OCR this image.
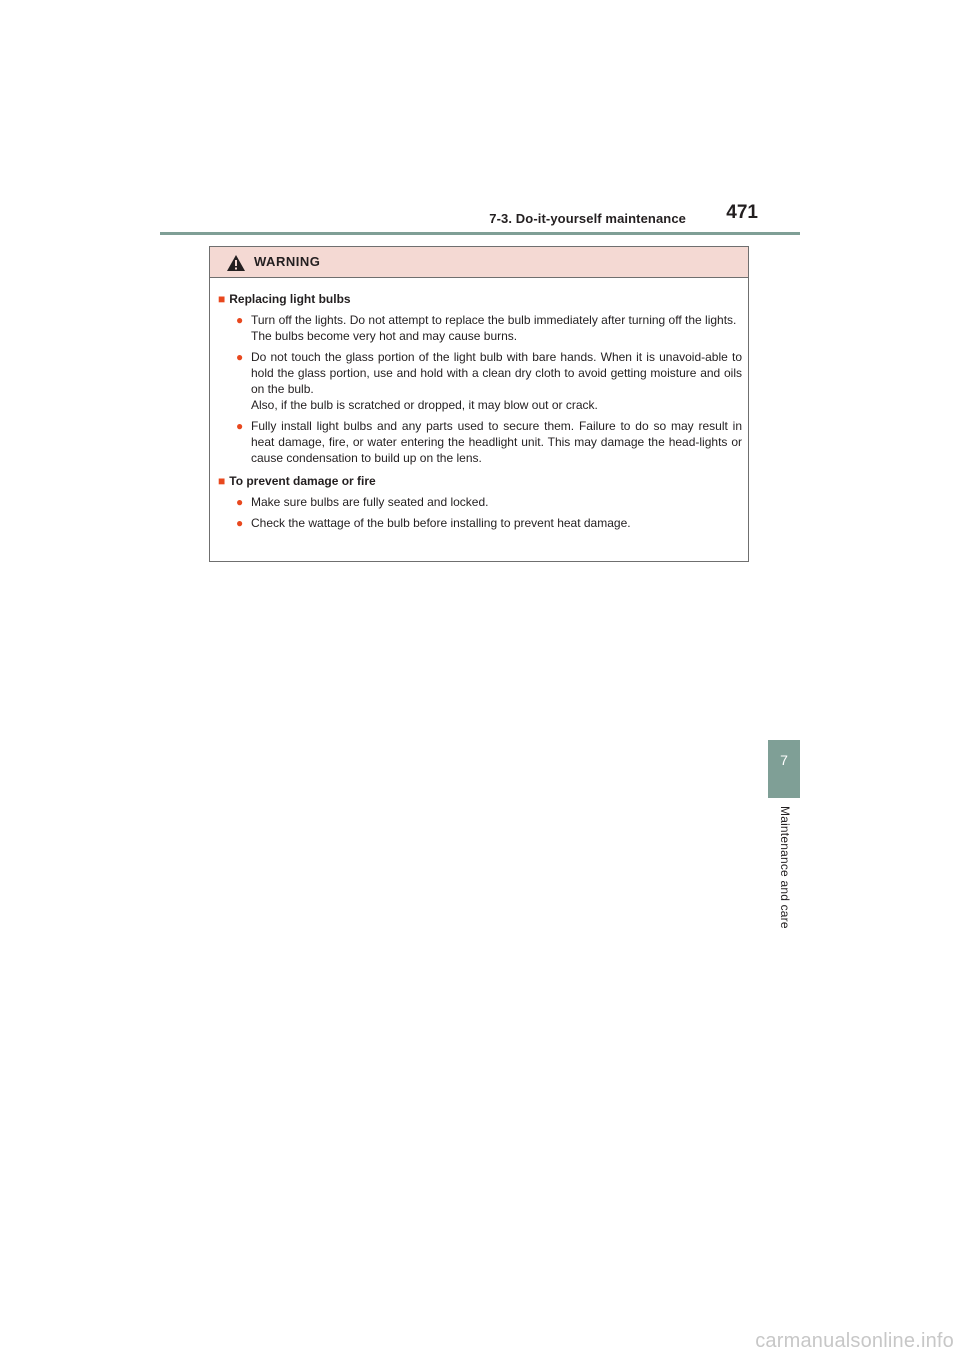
7-3. Do-it-yourself maintenance 471
WARNING
■ Replacing light bulbs
● Turn off the lights. Do not attempt to replace the bulb immediately after turning off the lights.
The bulbs become very hot and may cause burns.
● Do not touch the glass portion of the light bulb with bare hands. When it is unavoid-able to hold the glass portion, use and hold with a clean dry cloth to avoid getting moisture and oils on the bulb.
Also, if the bulb is scratched or dropped, it may blow out or crack.
● Fully install light bulbs and any parts used to secure them. Failure to do so may result in heat damage, fire, or water entering the headlight unit. This may damage the head-lights or cause condensation to build up on the lens.
■ To prevent damage or fire
● Make sure bulbs are fully seated and locked.
● Check the wattage of the bulb before installing to prevent heat damage.
7
Maintenance and care
carmanualsonline.info
